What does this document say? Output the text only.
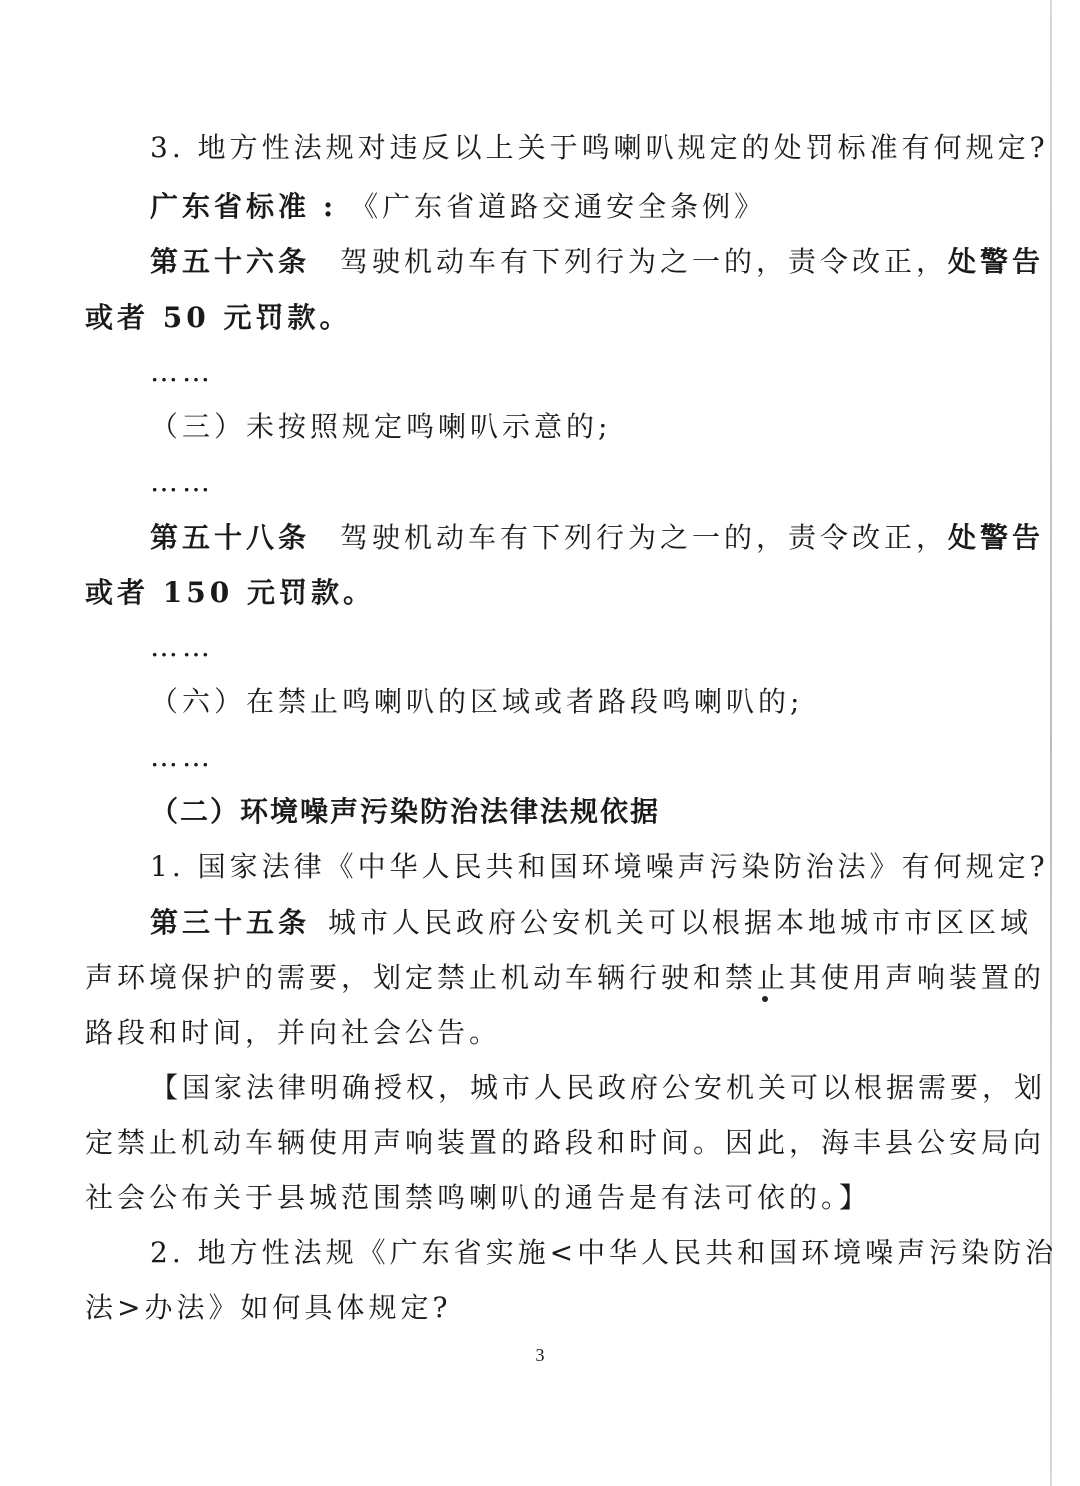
3. 地方性法规对违反以上关于鸣喇叭规定的处罚标准有何规定?
广东省标准 : 《广东省道路交通安全条例》
第五十六条 驾驶机动车有下列行为之一的，责令改正，处警告
或者 50 元罚款。
……
（三）未按照规定鸣喇叭示意的;
……
第五十八条 驾驶机动车有下列行为之一的，责令改正，处警告
或者 150 元罚款。
……
（六）在禁止鸣喇叭的区域或者路段鸣喇叭的;
……
（二）环境噪声污染防治法律法规依据
1. 国家法律《中华人民共和国环境噪声污染防治法》有何规定?
第三十五条 城市人民政府公安机关可以根据本地城市市区区域
声环境保护的需要，划定禁止机动车辆行驶和禁止其使用声响装置的
路段和时间，并向社会公告。
【国家法律明确授权，城市人民政府公安机关可以根据需要，划
定禁止机动车辆使用声响装置的路段和时间。因此，海丰县公安局向
社会公布关于县城范围禁鸣喇叭的通告是有法可依的。】
2. 地方性法规《广东省实施<中华人民共和国环境噪声污染防治
法>办法》如何具体规定?
3
